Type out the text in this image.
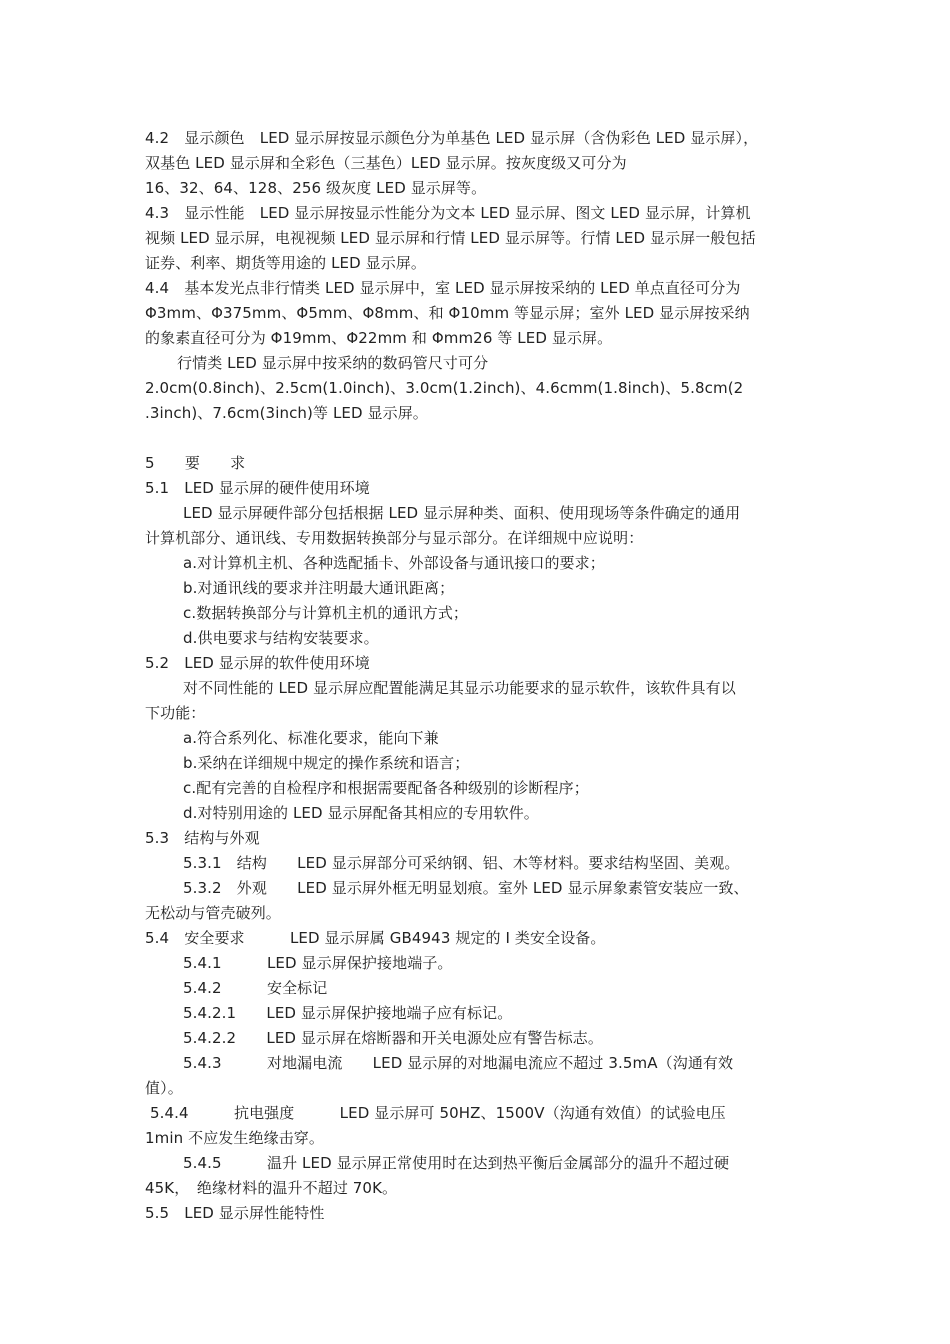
4.2　显示颜色　LED 显示屏按显示颜色分为单基色 LED 显示屏（含伪彩色 LED 显示屏），
双基色 LED 显示屏和全彩色（三基色）LED 显示屏。按灰度级又可分为
16、32、64、128、256 级灰度 LED 显示屏等。
4.3　显示性能　LED 显示屏按显示性能分为文本 LED 显示屏、图文 LED 显示屏，计算机
视频 LED 显示屏，电视视频 LED 显示屏和行情 LED 显示屏等。行情 LED 显示屏一般包括
证券、利率、期货等用途的 LED 显示屏。
4.4　基本发光点非行情类 LED 显示屏中，室 LED 显示屏按采纳的 LED 单点直径可分为
Φ3mm、Φ375mm、Φ5mm、Φ8mm、和 Φ10mm 等显示屏；室外 LED 显示屏按采纳
的象素直径可分为 Φ19mm、Φ22mm 和 Φmm26 等 LED 显示屏。
行情类 LED 显示屏中按采纳的数码管尺寸可分
2.0cm(0.8inch)、2.5cm(1.0inch)、3.0cm(1.2inch)、4.6cmm(1.8inch)、5.8cm(2
.3inch)、7.6cm(3inch)等 LED 显示屏。
5　　要　　求
5.1　LED 显示屏的硬件使用环境
LED 显示屏硬件部分包括根据 LED 显示屏种类、面积、使用现场等条件确定的通用
计算机部分、通讯线、专用数据转换部分与显示部分。在详细规中应说明：
a.对计算机主机、各种选配插卡、外部设备与通讯接口的要求；
b.对通讯线的要求并注明最大通讯距离；
c.数据转换部分与计算机主机的通讯方式；
d.供电要求与结构安装要求。
5.2　LED 显示屏的软件使用环境
对不同性能的 LED 显示屏应配置能满足其显示功能要求的显示软件，该软件具有以
下功能：
a.符合系列化、标准化要求，能向下兼
b.采纳在详细规中规定的操作系统和语言；
c.配有完善的自检程序和根据需要配备各种级别的诊断程序；
d.对特别用途的 LED 显示屏配备其相应的专用软件。
5.3　结构与外观
5.3.1　结构　　LED 显示屏部分可采纳钢、铝、木等材料。要求结构坚固、美观。
5.3.2　外观　　LED 显示屏外框无明显划痕。室外 LED 显示屏象素管安装应一致、
无松动与管壳破列。
5.4　安全要求　　　LED 显示屏属 GB4943 规定的 I 类安全设备。
5.4.1　　　LED 显示屏保护接地端子。
5.4.2　　　安全标记
5.4.2.1　　LED 显示屏保护接地端子应有标记。
5.4.2.2　　LED 显示屏在熔断器和开关电源处应有警告标志。
5.4.3　　　对地漏电流　　LED 显示屏的对地漏电流应不超过 3.5mA（沟通有效
值）。
5.4.4　　　抗电强度　　　LED 显示屏可 50HZ、1500V（沟通有效值）的试验电压
1min 不应发生绝缘击穿。
5.4.5　　　温升 LED 显示屏正常使用时在达到热平衡后金属部分的温升不超过硬
45K，　绝缘材料的温升不超过 70K。
5.5　LED 显示屏性能特性
